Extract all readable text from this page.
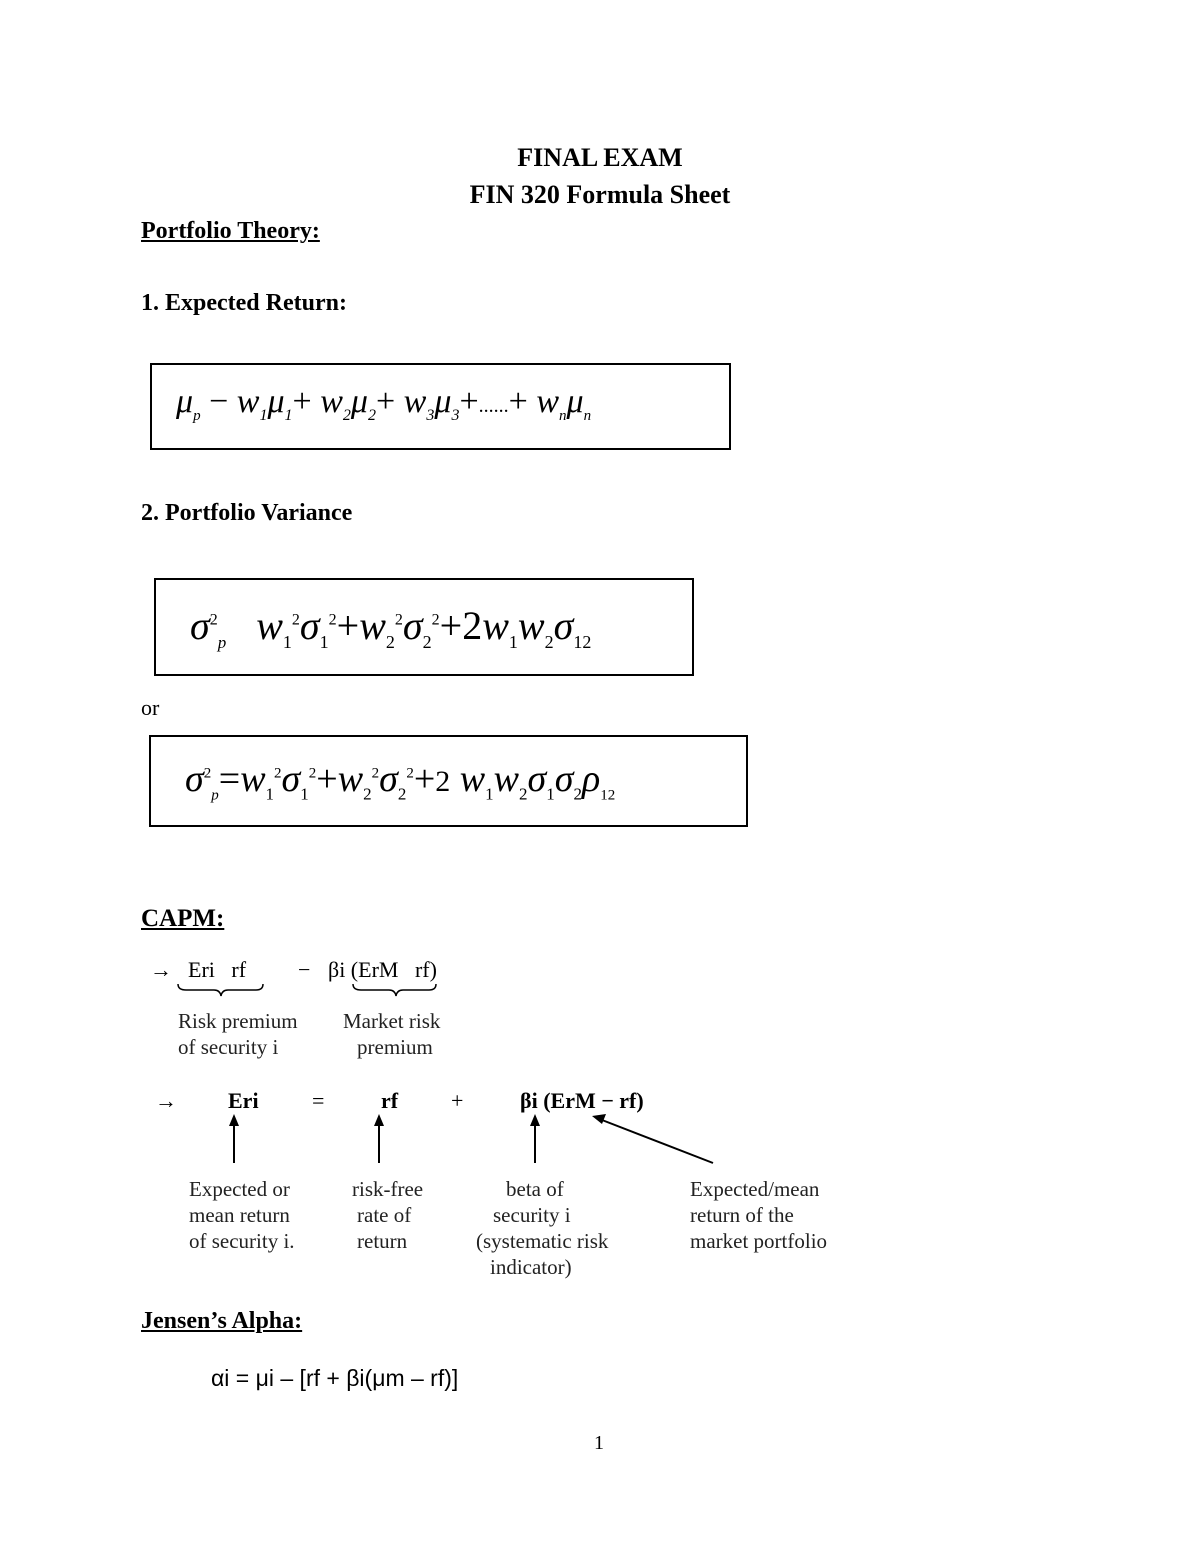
FINAL EXAM
FIN 320 Formula Sheet
Portfolio Theory:
1. Expected Return:
$\mu_p - w_1\mu_1+ w_2\mu_2+ w_3\mu_3+......+ w_n\mu_n$
2. Portfolio Variance
$\sigma^2_p$   $w_1^2\sigma_1^2+w_2^2\sigma_2^2+2w_1w_2\sigma_{12}$
or
$\sigma^2_p=w_1^2\sigma_1^2+w_2^2\sigma_2^2+2$ $w_1w_2\sigma_1\sigma_2\rho_{12}$
CAPM:
→ Eri   rf − βi (ErM   rf)
Risk premium
of security i
Market risk
premium
→ Eri =	rf +	βi (ErM − rf)
Expected or
mean return
of security i.
risk-free
rate of
return
beta of
security i
(systematic risk
indicator)
Expected/mean
return of the
market portfolio
Jensen’s Alpha:
αi = μi – [rf + βi(μm – rf)]
1
